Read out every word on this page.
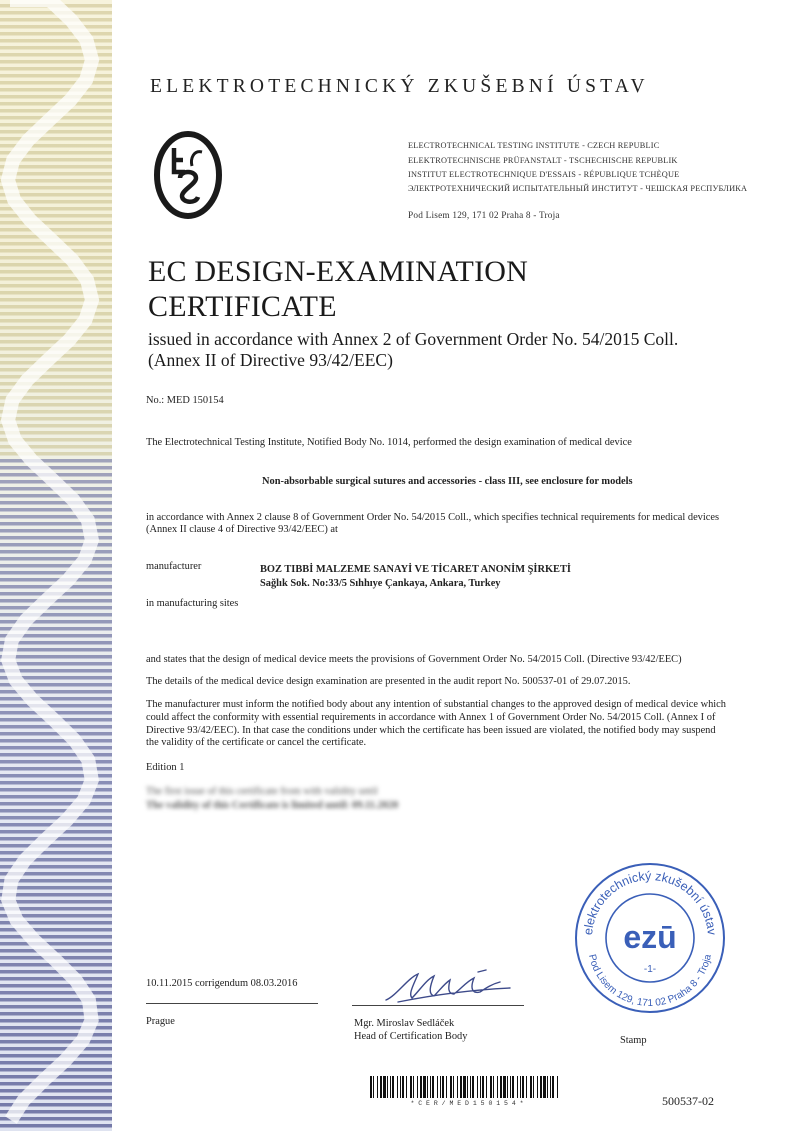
ELEKTROTECHNICKÝ ZKUŠEBNÍ ÚSTAV
ELECTROTECHNICAL TESTING INSTITUTE - CZECH REPUBLIC
ELEKTROTECHNISCHE PRÜFANSTALT - TSCHECHISCHE REPUBLIK
INSTITUT ELECTROTECHNIQUE D'ESSAIS - RÉPUBLIQUE TCHÈQUE
ЭЛЕКТРОТЕХНИЧЕСКИЙ ИСПЫТАТЕЛЬНЫЙ ИНСТИТУТ - ЧЕШСКАЯ РЕСПУБЛИКА
Pod Lisem 129, 171 02 Praha 8 - Troja
EC DESIGN-EXAMINATION
CERTIFICATE
issued in accordance with Annex 2 of Government Order No. 54/2015 Coll.
(Annex II of Directive 93/42/EEC)
No.: MED 150154
The Electrotechnical Testing Institute, Notified Body No. 1014, performed the design examination of medical device
Non-absorbable surgical sutures and accessories - class III, see enclosure for models
in accordance with Annex 2 clause 8 of Government Order No. 54/2015 Coll., which specifies technical requirements for medical devices
(Annex II clause 4 of Directive 93/42/EEC) at
manufacturer	BOZ TIBBİ MALZEME SANAYİ VE TİCARET ANONİM ŞİRKETİ
Sağlık Sok. No:33/5 Sıhhıye Çankaya, Ankara, Turkey
in manufacturing sites
and states that the design of medical device meets the provisions of Government Order No. 54/2015 Coll. (Directive 93/42/EEC)
The details of the medical device design examination are presented in the audit report No. 500537-01 of 29.07.2015.
The manufacturer must inform the notified body about any intention of substantial changes to the approved design of medical device which could affect the conformity with essential requirements in accordance with Annex 1 of Government Order No. 54/2015 Coll. (Annex I of Directive 93/42/EEC). In that case the conditions under which the certificate has been issued are violated, the notified body may suspend the validity of the certificate or cancel the certificate.
Edition 1
The first issue of this certificate from with validity until
The validity of this Certificate is limited until: 09.11.2020
10.11.2015 corrigendum 08.03.2016
Prague	Mgr. Miroslav Sedláček
Head of Certification Body
elektrotechnický zkušební ústav
Pod Lisem 129, 171 02 Praha 8 - Troja
ezū
-1-
Stamp
* C E R / M E D 1 5 0 1 5 4 *	500537-02
